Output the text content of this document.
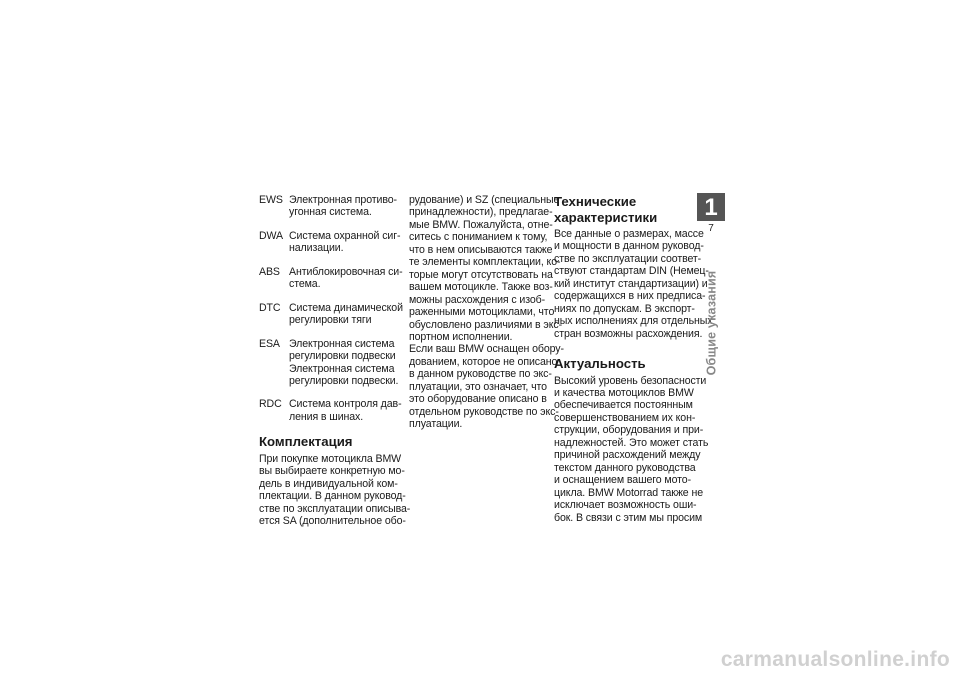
EWS Электронная противо-
угонная система.
DWA Система охранной сиг-
нализации.
ABS Антиблокировочная си-
стема.
DTC Система динамической
регулировки тяги
ESA Электронная система
регулировки подвески
Электронная система
регулировки подвески.
RDC Система контроля дав-
ления в шинах.
Комплектация
При покупке мотоцикла BMW
вы выбираете конкретную мо-
дель в индивидуальной ком-
плектации. В данном руковод-
стве по эксплуатации описыва-
ется SA (дополнительное обо-
рудование) и SZ (специальные
принадлежности), предлагае-
мые BMW. Пожалуйста, отне-
ситесь с пониманием к тому,
что в нем описываются также
те элементы комплектации, ко-
торые могут отсутствовать на
вашем мотоцикле. Также воз-
можны расхождения с изоб-
раженными мотоциклами, что
обусловлено различиями в экс-
портном исполнении.
Если ваш BMW оснащен обору-
дованием, которое не описано
в данном руководстве по экс-
плуатации, это означает, что
это оборудование описано в
отдельном руководстве по экс-
плуатации.
Технические
характеристики
Все данные о размерах, массе
и мощности в данном руковод-
стве по эксплуатации соответ-
ствуют стандартам DIN (Немец-
кий институт стандартизации) и
содержащихся в них предписа-
ниях по допускам. В экспорт-
ных исполнениях для отдельных
стран возможны расхождения.
Актуальность
Высокий уровень безопасности
и качества мотоциклов BMW
обеспечивается постоянным
совершенствованием их кон-
струкции, оборудования и при-
надлежностей. Это может стать
причиной расхождений между
текстом данного руководства
и оснащением вашего мото-
цикла. BMW Motorrad также не
исключает возможность оши-
бок. В связи с этим мы просим
1
7
Общие указания
carmanualsonline.info
